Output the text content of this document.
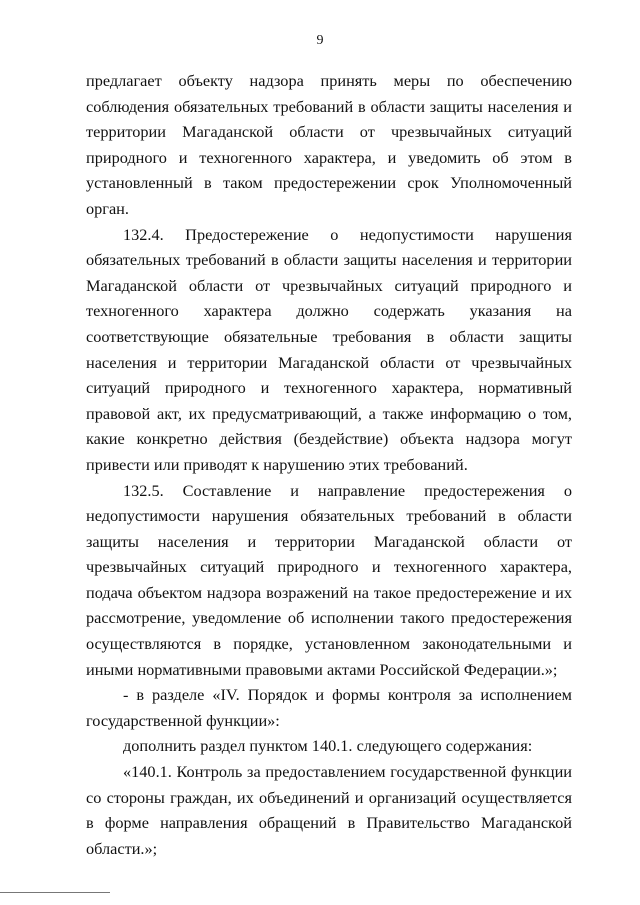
9

предлагает объекту надзора принять меры по обеспечению соблюдения обязательных требований в области защиты населения и территории Магаданской области от чрезвычайных ситуаций природного и техногенного характера, и уведомить об этом в установленный в таком предостережении срок Уполномоченный орган.

132.4. Предостережение о недопустимости нарушения обязательных требований в области защиты населения и территории Магаданской области от чрезвычайных ситуаций природного и техногенного характера должно содержать указания на соответствующие обязательные требования в области защиты населения и территории Магаданской области от чрезвычайных ситуаций природного и техногенного характера, нормативный правовой акт, их предусматривающий, а также информацию о том, какие конкретно действия (бездействие) объекта надзора могут привести или приводят к нарушению этих требований.

132.5. Составление и направление предостережения о недопустимости нарушения обязательных требований в области защиты населения и территории Магаданской области от чрезвычайных ситуаций природного и техногенного характера, подача объектом надзора возражений на такое предостережение и их рассмотрение, уведомление об исполнении такого предостережения осуществляются в порядке, установленном законодательными и иными нормативными правовыми актами Российской Федерации.»;

- в разделе «IV. Порядок и формы контроля за исполнением государственной функции»:

дополнить раздел пунктом 140.1. следующего содержания:

«140.1. Контроль за предоставлением государственной функции со стороны граждан, их объединений и организаций осуществляется в форме направления обращений в Правительство Магаданской области.»;
